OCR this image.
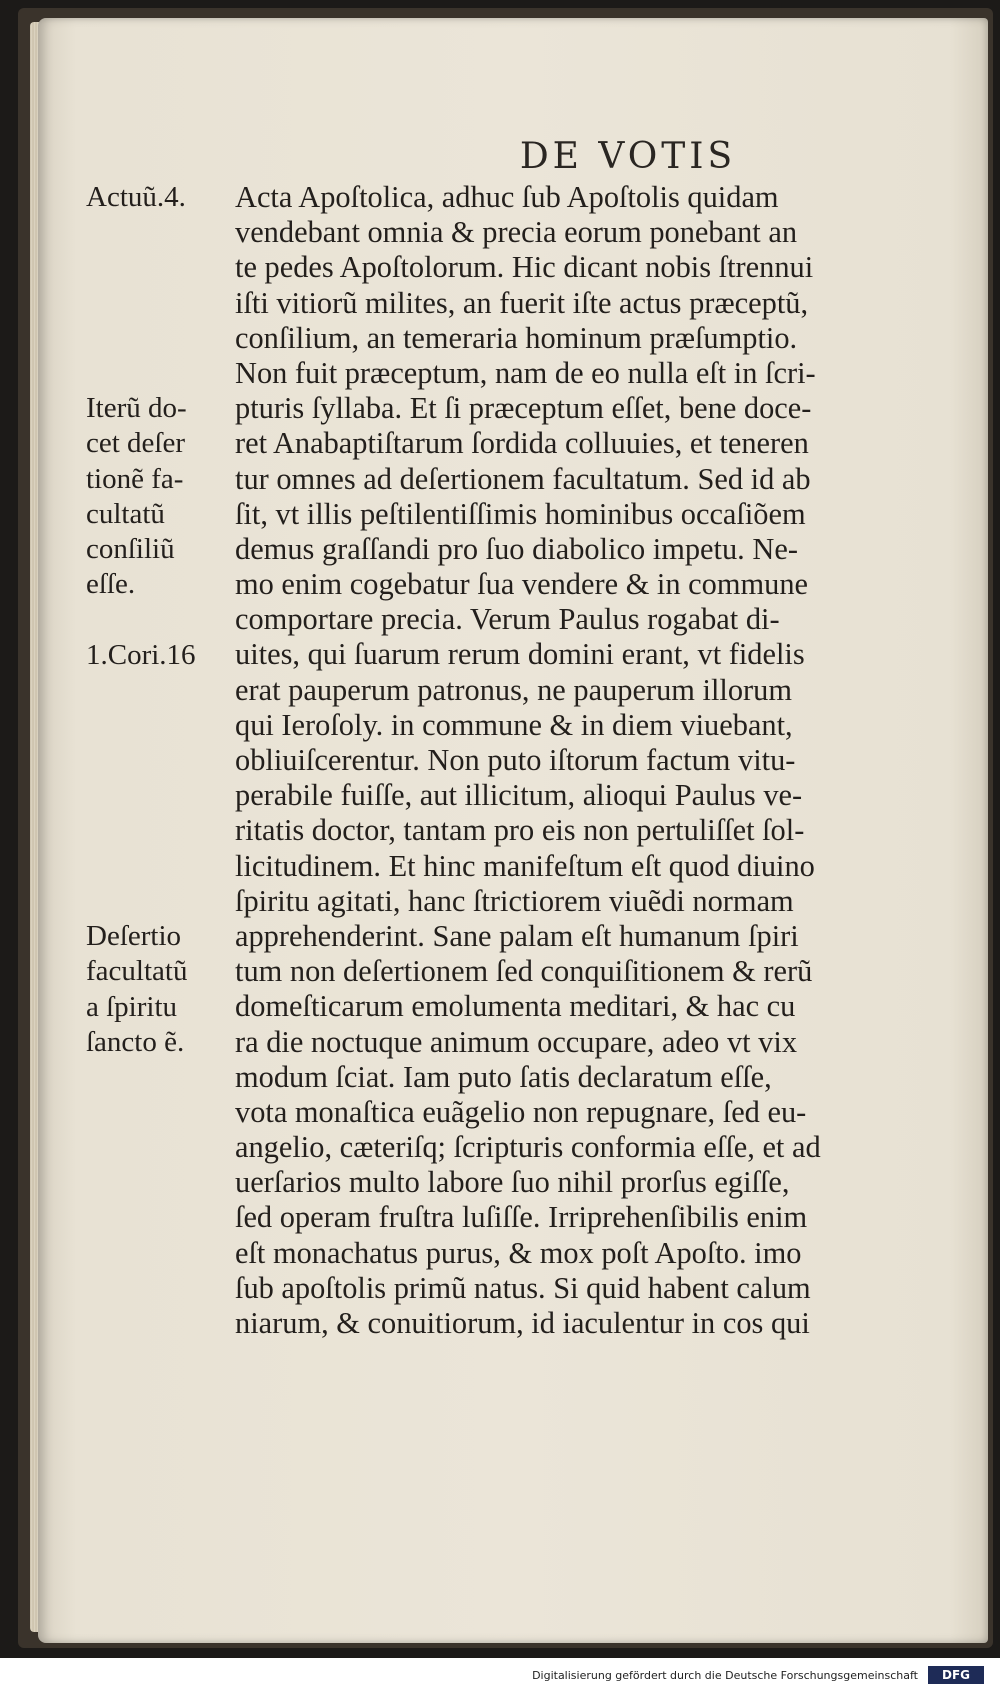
DE VOTIS
Acta Apoſtolica, adhuc ſub Apoſtolis quidam
vendebant omnia & precia eorum ponebant an
te pedes Apoſtolorum. Hic dicant nobis ſtrennui
iſti vitiorũ milites, an fuerit iſte actus præceptũ,
conſilium, an temeraria hominum præſumptio.
Non fuit præceptum, nam de eo nulla eſt in ſcri-
pturis ſyllaba. Et ſi præceptum eſſet, bene doce-
ret Anabaptiſtarum ſordida colluuies, et teneren
tur omnes ad deſertionem facultatum. Sed id ab
ſit, vt illis peſtilentiſſimis hominibus occaſiõem
demus graſſandi pro ſuo diabolico impetu. Ne-
mo enim cogebatur ſua vendere & in commune
comportare precia. Verum Paulus rogabat di-
uites, qui ſuarum rerum domini erant, vt fidelis
erat pauperum patronus, ne pauperum illorum
qui Ieroſoly. in commune & in diem viuebant,
obliuiſcerentur. Non puto iſtorum factum vitu-
perabile fuiſſe, aut illicitum, alioqui Paulus ve-
ritatis doctor, tantam pro eis non pertuliſſet ſol-
licitudinem. Et hinc manifeſtum eſt quod diuino
ſpiritu agitati, hanc ſtrictiorem viuẽdi normam
apprehenderint. Sane palam eſt humanum ſpiri
tum non deſertionem ſed conquiſitionem & rerũ
domeſticarum emolumenta meditari, & hac cu
ra die noctuque animum occupare, adeo vt vix
modum ſciat. Iam puto ſatis declaratum eſſe,
vota monaſtica euãgelio non repugnare, ſed eu-
angelio, cæteriſq; ſcripturis conformia eſſe, et ad
uerſarios multo labore ſuo nihil prorſus egiſſe,
ſed operam fruſtra luſiſſe. Irriprehenſibilis enim
eſt monachatus purus, & mox poſt Apoſto. imo
ſub apoſtolis primũ natus. Si quid habent calum
niarum, & conuitiorum, id iaculentur in cos qui
Actuũ.4.
Iterũ do-
cet deſer
tionẽ fa-
cultatũ
conſiliũ
eſſe.
1.Cori.16
Deſertio
facultatũ
a ſpiritu
ſancto ẽ.
Digitalisierung gefördert durch die Deutsche Forschungsgemeinschaft	DFG
